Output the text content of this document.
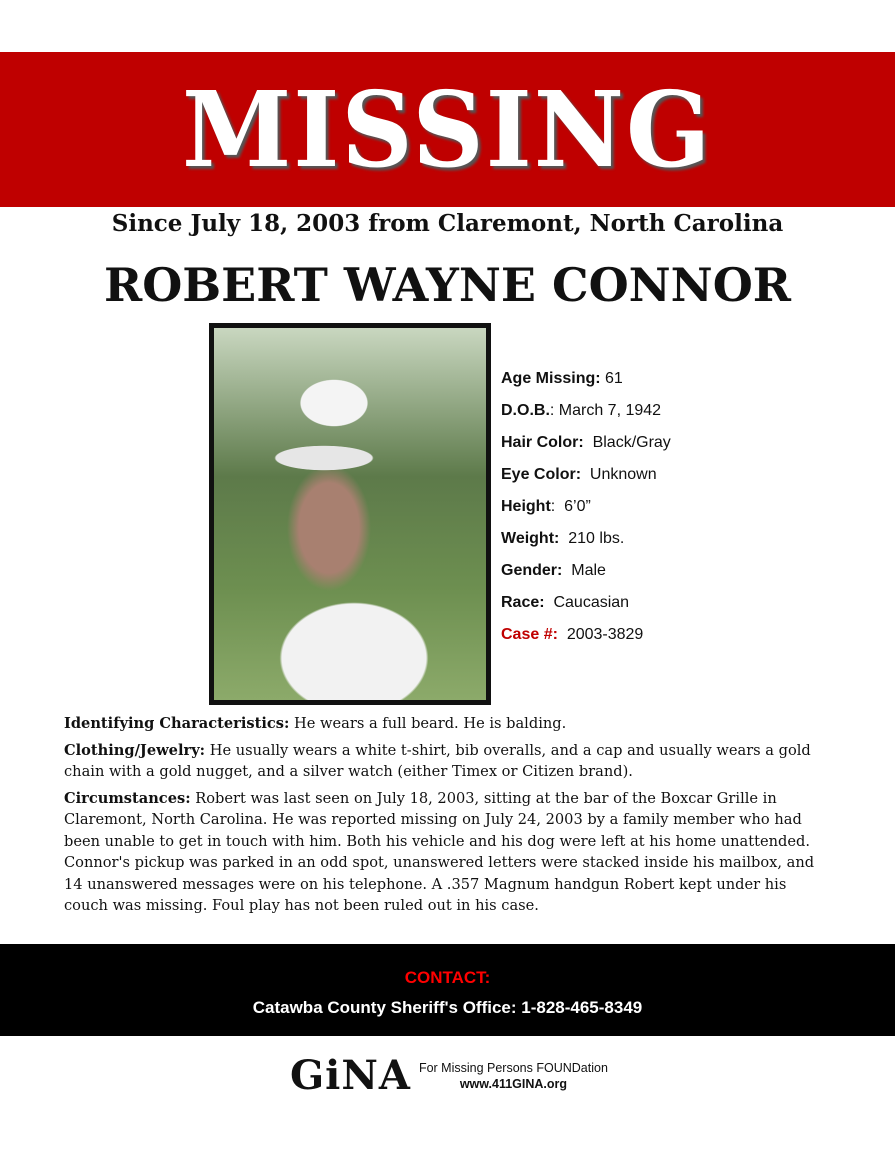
MISSING
Since July 18, 2003 from Claremont, North Carolina
ROBERT WAYNE CONNOR
Age Missing: 61
D.O.B.: March 7, 1942
Hair Color:  Black/Gray
Eye Color:  Unknown
Height:  6’0”
Weight:  210 lbs.
Gender:  Male
Race:  Caucasian
Case #:  2003-3829

Identifying Characteristics: He wears a full beard. He is balding.

Clothing/Jewelry: He usually wears a white t-shirt, bib overalls, and a cap and usually wears a gold chain with a gold nugget, and a silver watch (either Timex or Citizen brand).

Circumstances: Robert was last seen on July 18, 2003, sitting at the bar of the Boxcar Grille in Claremont, North Carolina. He was reported missing on July 24, 2003 by a family member who had been unable to get in touch with him. Both his vehicle and his dog were left at his home unattended. Connor's pickup was parked in an odd spot, unanswered letters were stacked inside his mailbox, and 14 unanswered messages were on his telephone. A .357 Magnum handgun Robert kept under his couch was missing. Foul play has not been ruled out in his case.

CONTACT:
Catawba County Sheriff's Office: 1-828-465-8349
GiNA For Missing Persons FOUNDation
www.411GINA.org
